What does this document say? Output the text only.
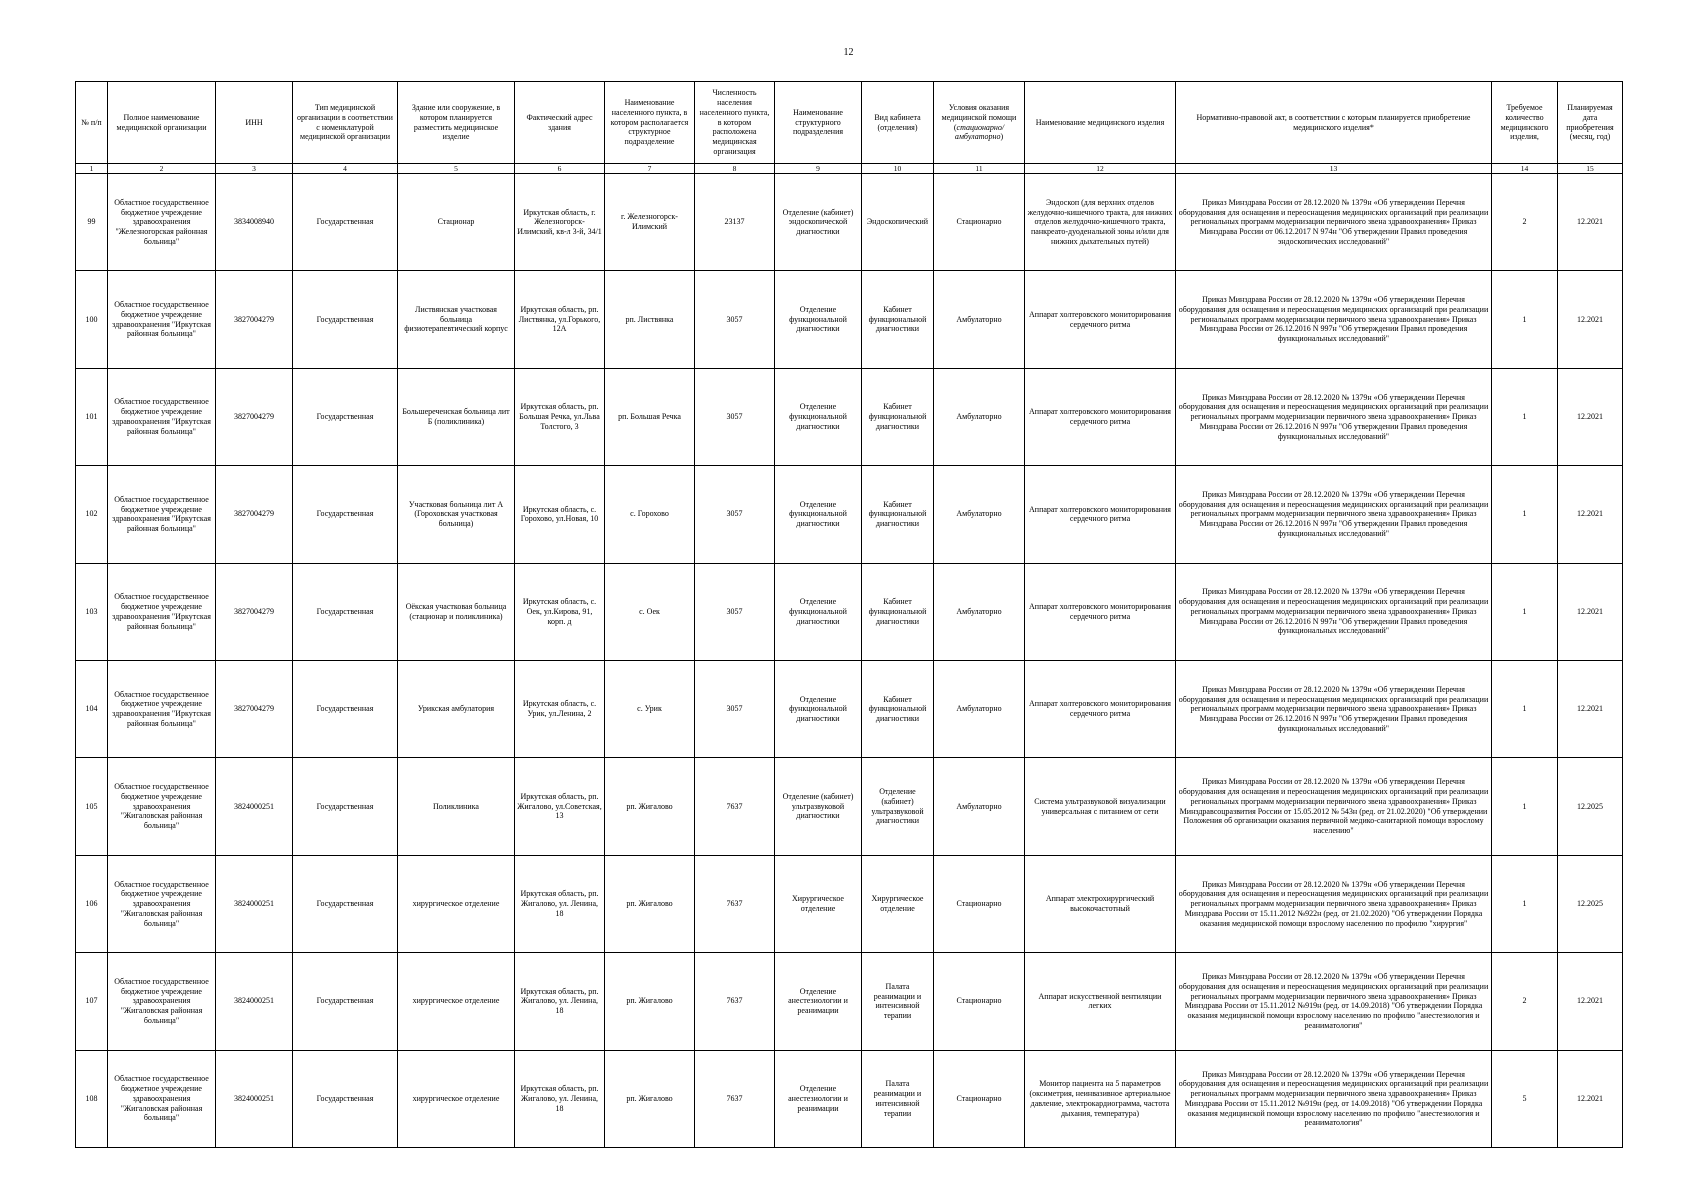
12
№ п/п	Полное наименование медицинской организации	ИНН	Тип медицинской организации в соответствии с номенклатурой медицинской организации	Здание или сооружение, в котором планируется разместить медицинское изделие	Фактический адрес здания	Наименование населенного пункта, в котором располагается структурное подразделение	Численность населения населенного пункта, в котором расположена медицинская организация	Наименование структурного подразделения	Вид кабинета (отделения)	Условия оказания медицинской помощи (стационарно/амбулаторно)	Наименование медицинского изделия	Нормативно-правовой акт, в соответствии с которым планируется приобретение медицинского изделия*	Требуемое количество медицинского изделия,	Планируемая дата приобретения (месяц, год)
1	2	3	4	5	6	7	8	9	10	11	12	13	14	15
99	Областное государственное бюджетное учреждение здравоохранения "Железногорская районная больница"	3834008940	Государственная	Стационар	Иркутская область, г. Железногорск-Илимский, кв-л 3-й, 34/1	г. Железногорск-Илимский	23137	Отделение (кабинет) эндоскопической диагностики	Эндоскопический	Стационарно	Эндоскоп (для верхних отделов желудочно-кишечного тракта, для нижних отделов желудочно-кишечного тракта, панкреато-дуоденальной зоны и/или для нижних дыхательных путей)	Приказ Минздрава России от 28.12.2020 № 1379н «Об утверждении Перечня оборудования для оснащения и переоснащения медицинских организаций при реализации региональных программ модернизации первичного звена здравоохранения» Приказ Минздрава России от 06.12.2017 N 974н "Об утверждении Правил проведения эндоскопических исследований"	2	12.2021
100	Областное государственное бюджетное учреждение здравоохранения "Иркутская районная больница"	3827004279	Государственная	Листвянская участковая больница физиотерапевтический корпус	Иркутская область, рп. Листвянка, ул.Горького, 12А	рп. Листвянка	3057	Отделение функциональной диагностики	Кабинет функциональной диагностики	Амбулаторно	Аппарат холтеровского мониторирования сердечного ритма	Приказ Минздрава России от 28.12.2020 № 1379н «Об утверждении Перечня оборудования для оснащения и переоснащения медицинских организаций при реализации региональных программ модернизации первичного звена здравоохранения» Приказ Минздрава России от 26.12.2016 N 997н "Об утверждении Правил проведения функциональных исследований"	1	12.2021
101	Областное государственное бюджетное учреждение здравоохранения "Иркутская районная больница"	3827004279	Государственная	Большереченская больница лит Б (поликлиника)	Иркутская область, рп. Большая Речка, ул.Льва Толстого, 3	рп. Большая Речка	3057	Отделение функциональной диагностики	Кабинет функциональной диагностики	Амбулаторно	Аппарат холтеровского мониторирования сердечного ритма	Приказ Минздрава России от 28.12.2020 № 1379н «Об утверждении Перечня оборудования для оснащения и переоснащения медицинских организаций при реализации региональных программ модернизации первичного звена здравоохранения» Приказ Минздрава России от 26.12.2016 N 997н "Об утверждении Правил проведения функциональных исследований"	1	12.2021
102	Областное государственное бюджетное учреждение здравоохранения "Иркутская районная больница"	3827004279	Государственная	Участковая больница лит А (Гороховская участковая больница)	Иркутская область, с. Горохово, ул.Новая, 10	с. Горохово	3057	Отделение функциональной диагностики	Кабинет функциональной диагностики	Амбулаторно	Аппарат холтеровского мониторирования сердечного ритма	Приказ Минздрава России от 28.12.2020 № 1379н «Об утверждении Перечня оборудования для оснащения и переоснащения медицинских организаций при реализации региональных программ модернизации первичного звена здравоохранения» Приказ Минздрава России от 26.12.2016 N 997н "Об утверждении Правил проведения функциональных исследований"	1	12.2021
103	Областное государственное бюджетное учреждение здравоохранения "Иркутская районная больница"	3827004279	Государственная	Оёкская участковая больница (стационар и поликлиника)	Иркутская область, с. Оек, ул.Кирова, 91, корп. д	с. Оек	3057	Отделение функциональной диагностики	Кабинет функциональной диагностики	Амбулаторно	Аппарат холтеровского мониторирования сердечного ритма	Приказ Минздрава России от 28.12.2020 № 1379н «Об утверждении Перечня оборудования для оснащения и переоснащения медицинских организаций при реализации региональных программ модернизации первичного звена здравоохранения» Приказ Минздрава России от 26.12.2016 N 997н "Об утверждении Правил проведения функциональных исследований"	1	12.2021
104	Областное государственное бюджетное учреждение здравоохранения "Иркутская районная больница"	3827004279	Государственная	Урикская амбулатория	Иркутская область, с. Урик, ул.Ленина, 2	с. Урик	3057	Отделение функциональной диагностики	Кабинет функциональной диагностики	Амбулаторно	Аппарат холтеровского мониторирования сердечного ритма	Приказ Минздрава России от 28.12.2020 № 1379н «Об утверждении Перечня оборудования для оснащения и переоснащения медицинских организаций при реализации региональных программ модернизации первичного звена здравоохранения» Приказ Минздрава России от 26.12.2016 N 997н "Об утверждении Правил проведения функциональных исследований"	1	12.2021
105	Областное государственное бюджетное учреждение здравоохранения "Жигаловская районная больница"	3824000251	Государственная	Поликлиника	Иркутская область, рп. Жигалово, ул.Советская, 13	рп. Жигалово	7637	Отделение (кабинет) ультразвуковой диагностики	Отделение (кабинет) ультразвуковой диагностики	Амбулаторно	Система ультразвуковой визуализации универсальная с питанием от сети	Приказ Минздрава России от 28.12.2020 № 1379н «Об утверждении Перечня оборудования для оснащения и переоснащения медицинских организаций при реализации региональных программ модернизации первичного звена здравоохранения» Приказ Минздравсоцразвития России от 15.05.2012 № 543н (ред. от 21.02.2020) "Об утверждении Положения об организации оказания первичной медико-санитарной помощи взрослому населению"	1	12.2025
106	Областное государственное бюджетное учреждение здравоохранения "Жигаловская районная больница"	3824000251	Государственная	хирургическое отделение	Иркутская область, рп. Жигалово, ул. Ленина, 18	рп. Жигалово	7637	Хирургическое отделение	Хирургическое отделение	Стационарно	Аппарат электрохирургический высокочастотный	Приказ Минздрава России от 28.12.2020 № 1379н «Об утверждении Перечня оборудования для оснащения и переоснащения медицинских организаций при реализации региональных программ модернизации первичного звена здравоохранения» Приказ Минздрава России от 15.11.2012 №922н (ред. от 21.02.2020) "Об утверждении Порядка оказания медицинской помощи взрослому населению по профилю "хирургия"	1	12.2025
107	Областное государственное бюджетное учреждение здравоохранения "Жигаловская районная больница"	3824000251	Государственная	хирургическое отделение	Иркутская область, рп. Жигалово, ул. Ленина, 18	рп. Жигалово	7637	Отделение анестезиологии и реанимации	Палата реанимации и интенсивной терапии	Стационарно	Аппарат искусственной вентиляции легких	Приказ Минздрава России от 28.12.2020 № 1379н «Об утверждении Перечня оборудования для оснащения и переоснащения медицинских организаций при реализации региональных программ модернизации первичного звена здравоохранения» Приказ Минздрава России от 15.11.2012 №919н (ред. от 14.09.2018) "Об утверждении Порядка оказания медицинской помощи взрослому населению по профилю "анестезиология и реаниматология"	2	12.2021
108	Областное государственное бюджетное учреждение здравоохранения "Жигаловская районная больница"	3824000251	Государственная	хирургическое отделение	Иркутская область, рп. Жигалово, ул. Ленина, 18	рп. Жигалово	7637	Отделение анестезиологии и реанимации	Палата реанимации и интенсивной терапии	Стационарно	Монитор пациента на 5 параметров (оксиметрия, неинвазивное артериальное давление, электрокардиограмма, частота дыхания, температура)	Приказ Минздрава России от 28.12.2020 № 1379н «Об утверждении Перечня оборудования для оснащения и переоснащения медицинских организаций при реализации региональных программ модернизации первичного звена здравоохранения» Приказ Минздрава России от 15.11.2012 №919н (ред. от 14.09.2018) "Об утверждении Порядка оказания медицинской помощи взрослому населению по профилю "анестезиология и реаниматология"	5	12.2021
